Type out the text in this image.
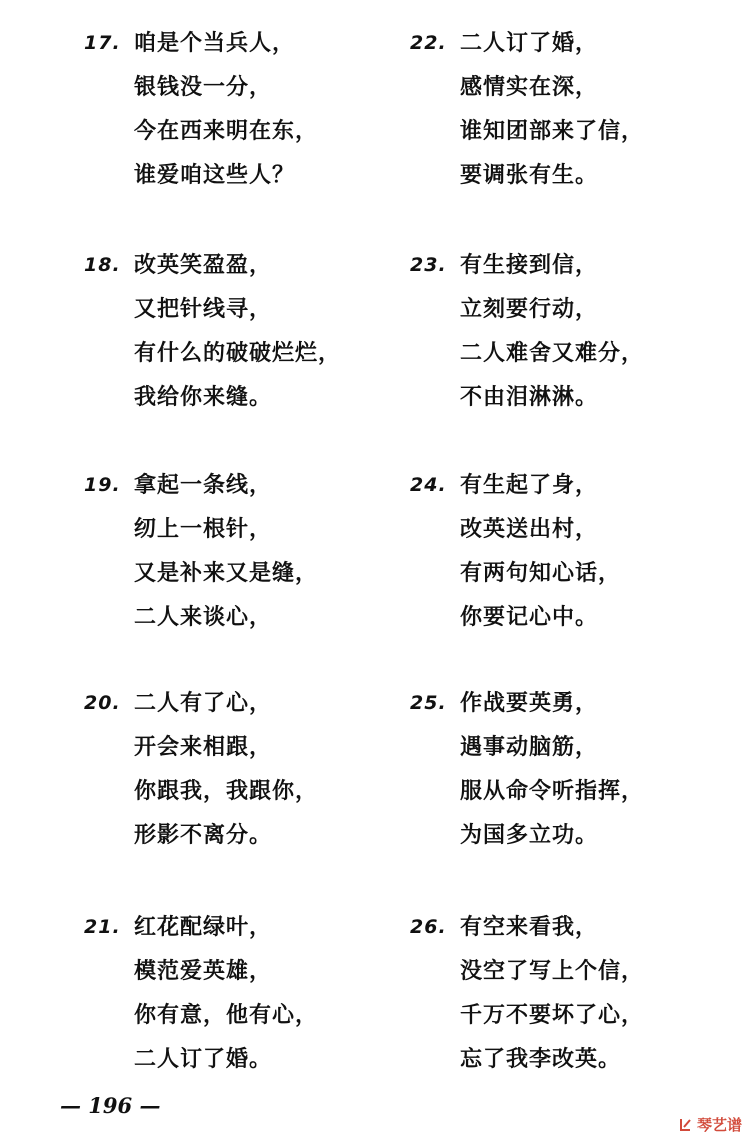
17. 咱是个当兵人，
银钱没一分，
今在西来明在东，
谁爱咱这些人？
18. 改英笑盈盈，
又把针线寻，
有什么的破破烂烂，
我给你来缝。
19. 拿起一条线，
纫上一根针，
又是补来又是缝，
二人来谈心，
20. 二人有了心，
开会来相跟，
你跟我，我跟你，
形影不离分。
21. 红花配绿叶，
模范爱英雄，
你有意，他有心，
二人订了婚。
22. 二人订了婚，
感情实在深，
谁知团部来了信，
要调张有生。
23. 有生接到信，
立刻要行动，
二人难舍又难分，
不由泪淋淋。
24. 有生起了身，
改英送出村，
有两句知心话，
你要记心中。
25. 作战要英勇，
遇事动脑筋，
服从命令听指挥，
为国多立功。
26. 有空来看我，
没空了写上个信，
千万不要坏了心，
忘了我李改英。
— 196 —
琴艺谱
